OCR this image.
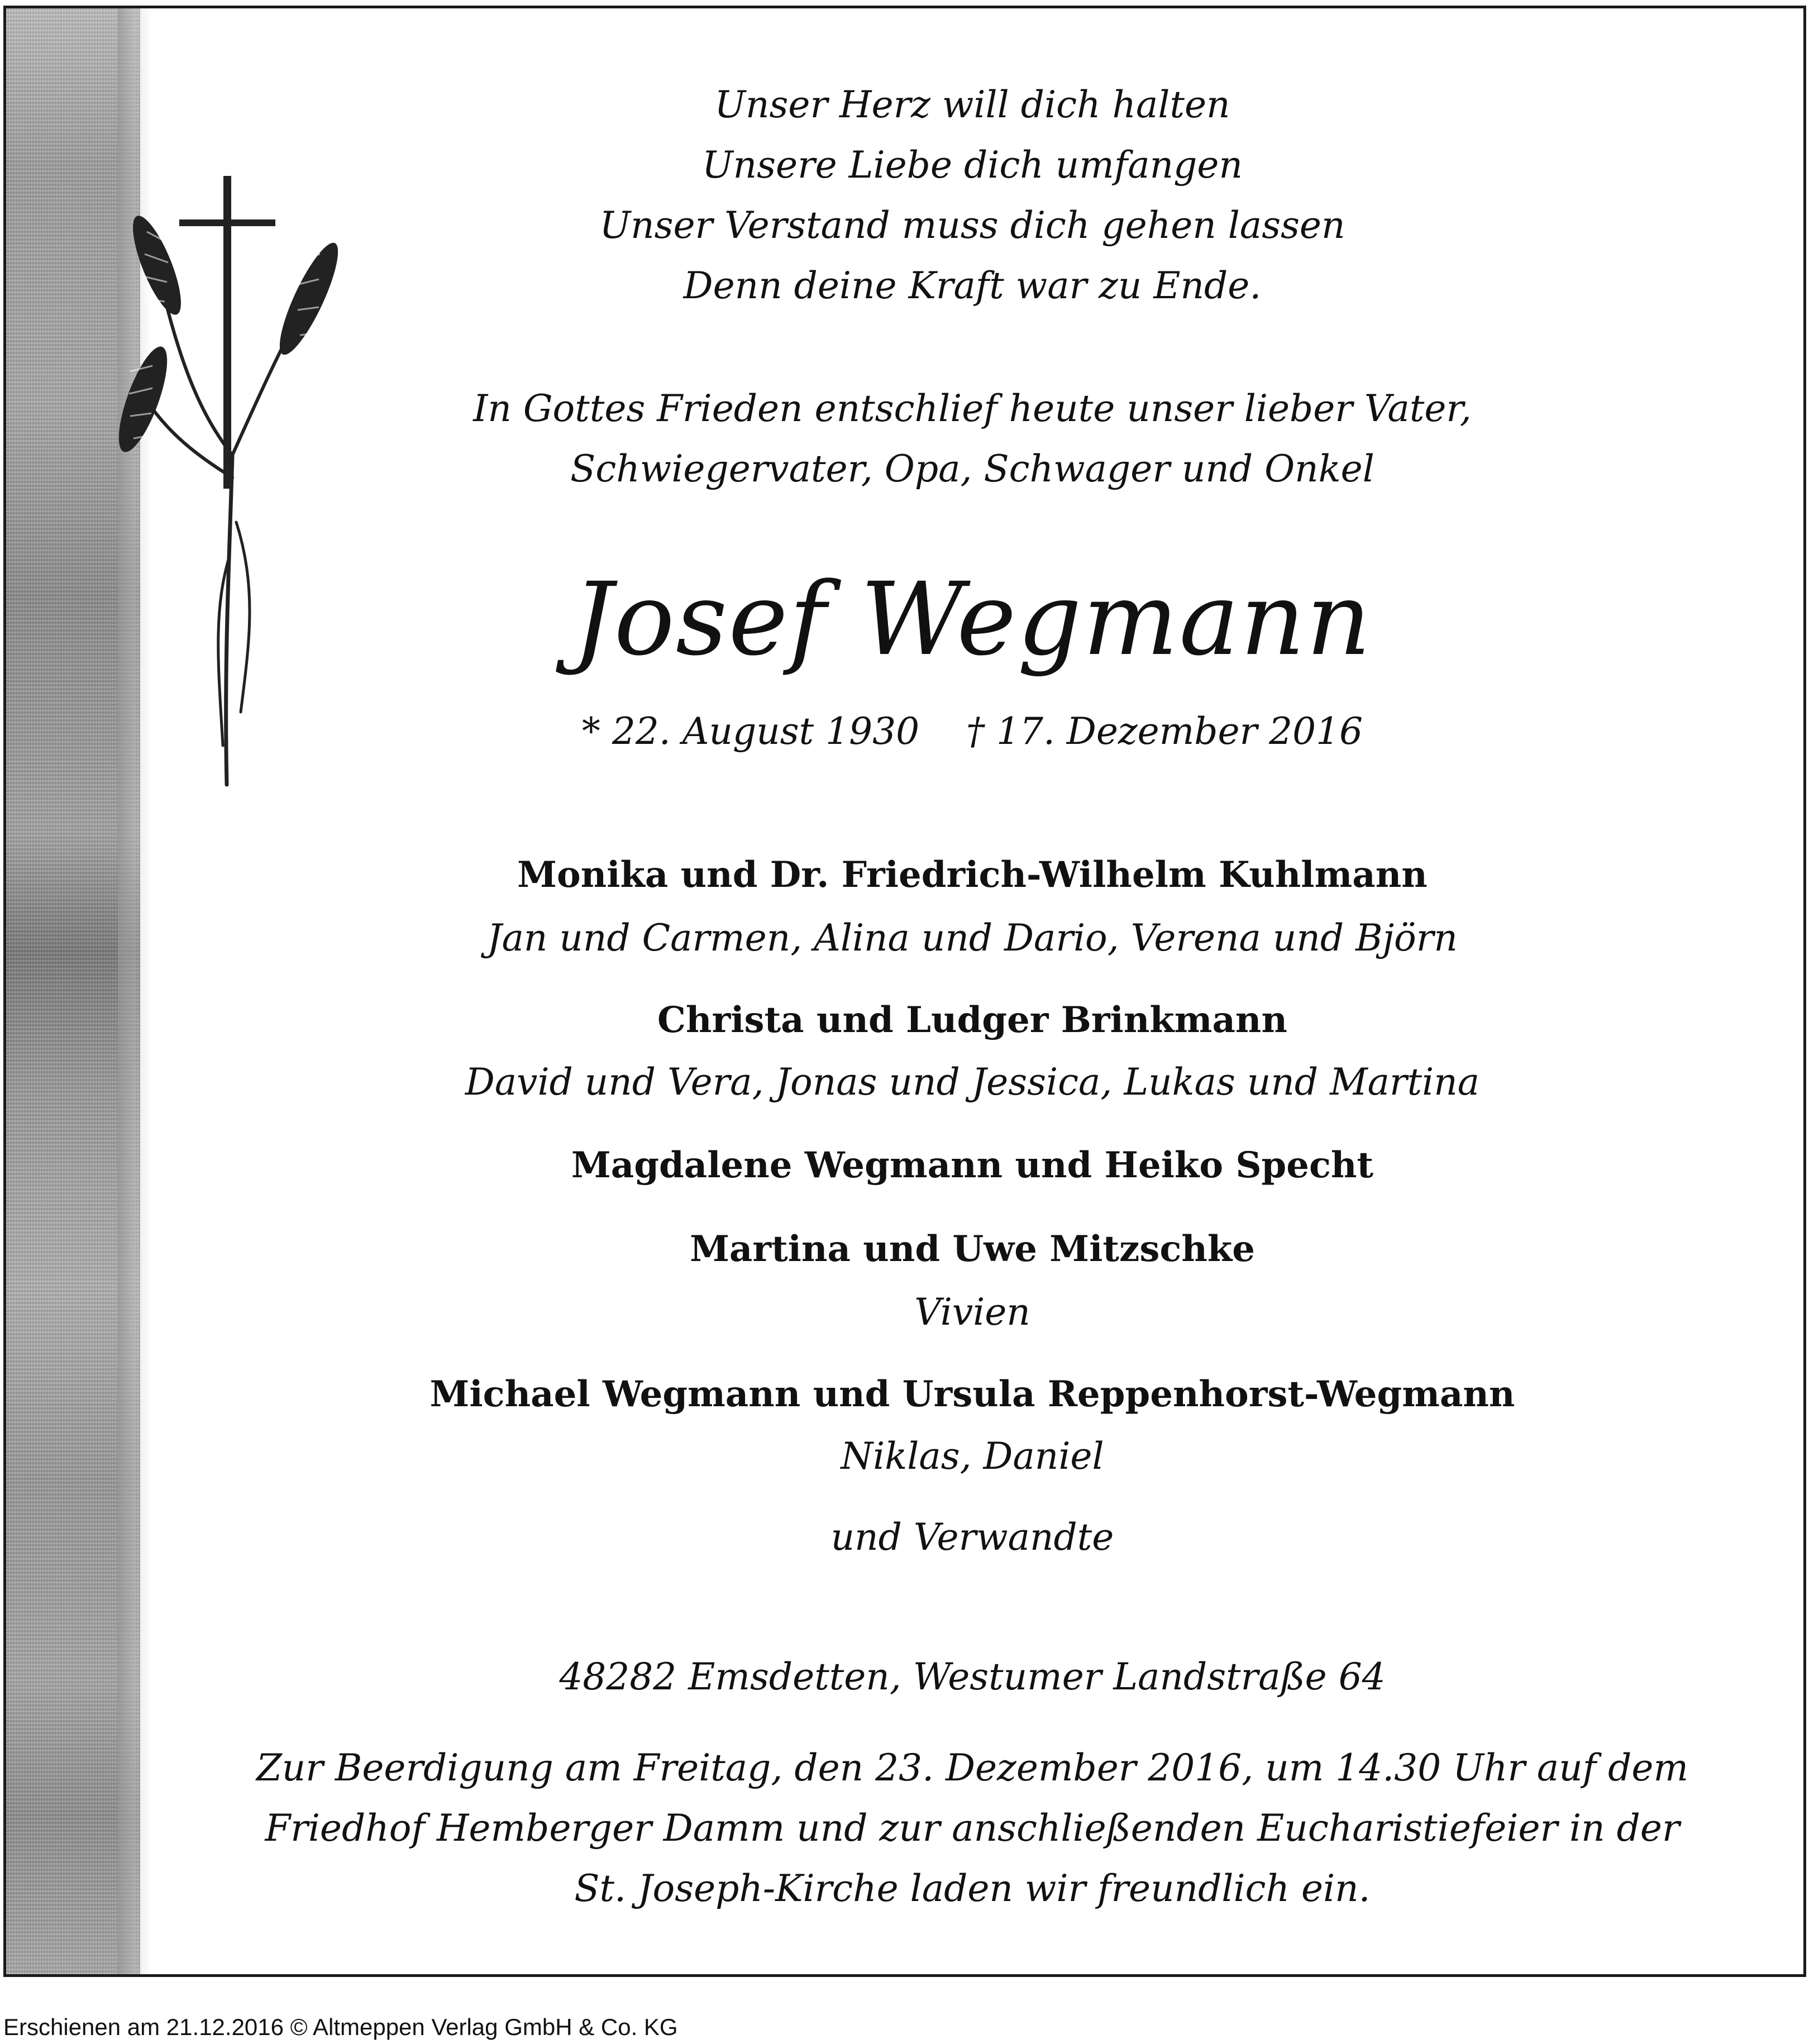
Unser Herz will dich halten
Unsere Liebe dich umfangen
Unser Verstand muss dich gehen lassen
Denn deine Kraft war zu Ende.
In Gottes Frieden entschlief heute unser lieber Vater,
Schwiegervater, Opa, Schwager und Onkel
Josef Wegmann
* 22. August 1930    † 17. Dezember 2016
Monika und Dr. Friedrich-Wilhelm Kuhlmann
Jan und Carmen, Alina und Dario, Verena und Björn
Christa und Ludger Brinkmann
David und Vera, Jonas und Jessica, Lukas und Martina
Magdalene Wegmann und Heiko Specht
Martina und Uwe Mitzschke
Vivien
Michael Wegmann und Ursula Reppenhorst-Wegmann
Niklas, Daniel
und Verwandte
48282 Emsdetten, Westumer Landstraße 64
Zur Beerdigung am Freitag, den 23. Dezember 2016, um 14.30 Uhr auf dem
Friedhof Hemberger Damm und zur anschließenden Eucharistiefeier in der
St. Joseph-Kirche laden wir freundlich ein.
Erschienen am 21.12.2016 © Altmeppen Verlag GmbH & Co. KG
